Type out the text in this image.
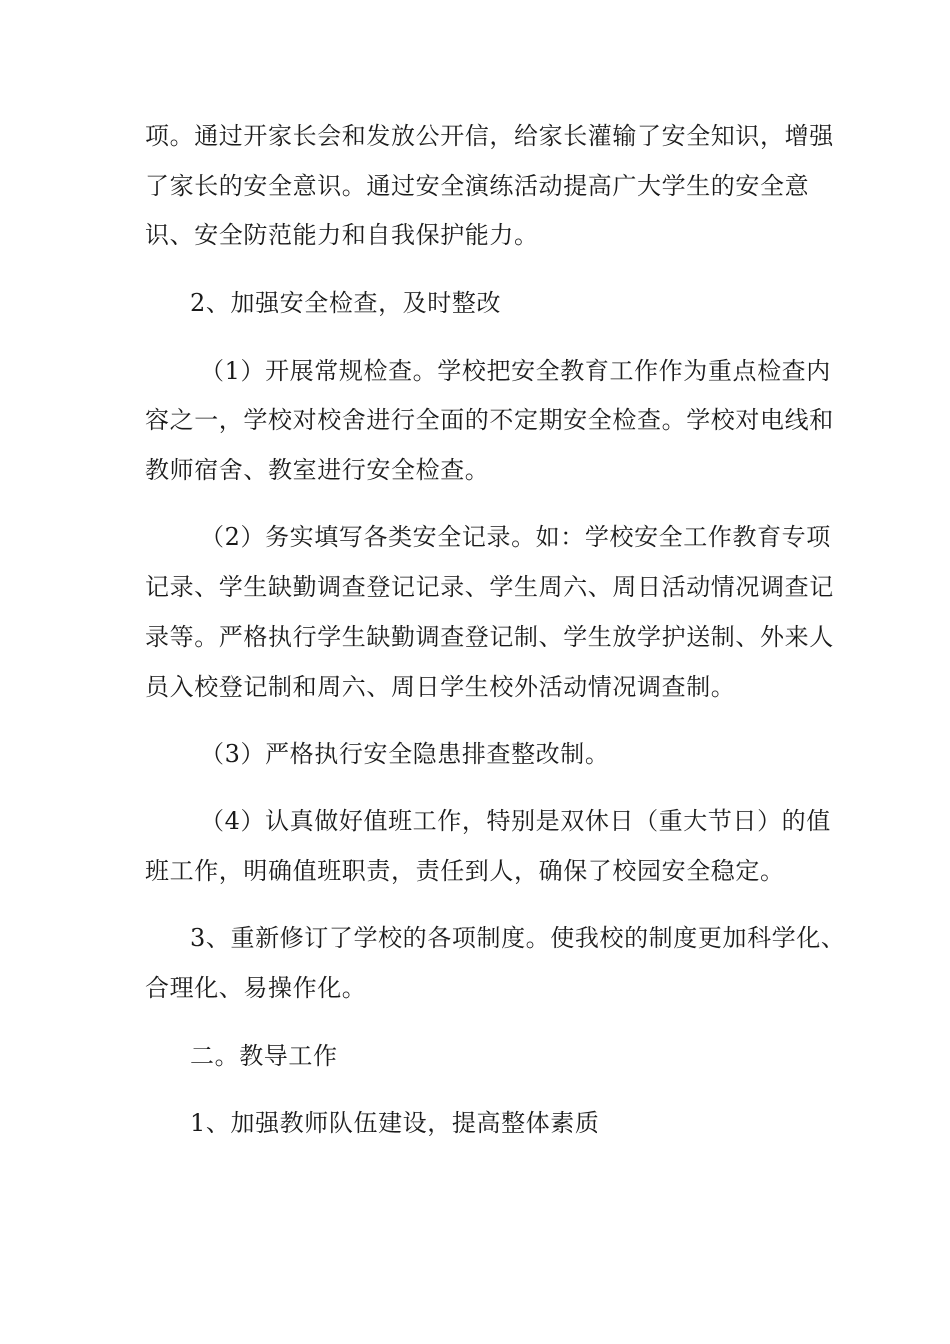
项。通过开家长会和发放公开信，给家长灌输了安全知识，增强
了家长的安全意识。通过安全演练活动提高广大学生的安全意
识、安全防范能力和自我保护能力。
2、加强安全检查，及时整改
（1）开展常规检查。学校把安全教育工作作为重点检查内
容之一，学校对校舍进行全面的不定期安全检查。学校对电线和
教师宿舍、教室进行安全检查。
（2）务实填写各类安全记录。如：学校安全工作教育专项
记录、学生缺勤调查登记记录、学生周六、周日活动情况调查记
录等。严格执行学生缺勤调查登记制、学生放学护送制、外来人
员入校登记制和周六、周日学生校外活动情况调查制。
（3）严格执行安全隐患排查整改制。
（4）认真做好值班工作，特别是双休日（重大节日）的值
班工作，明确值班职责，责任到人，确保了校园安全稳定。
3、重新修订了学校的各项制度。使我校的制度更加科学化、
合理化、易操作化。
二。教导工作
1、加强教师队伍建设，提高整体素质
